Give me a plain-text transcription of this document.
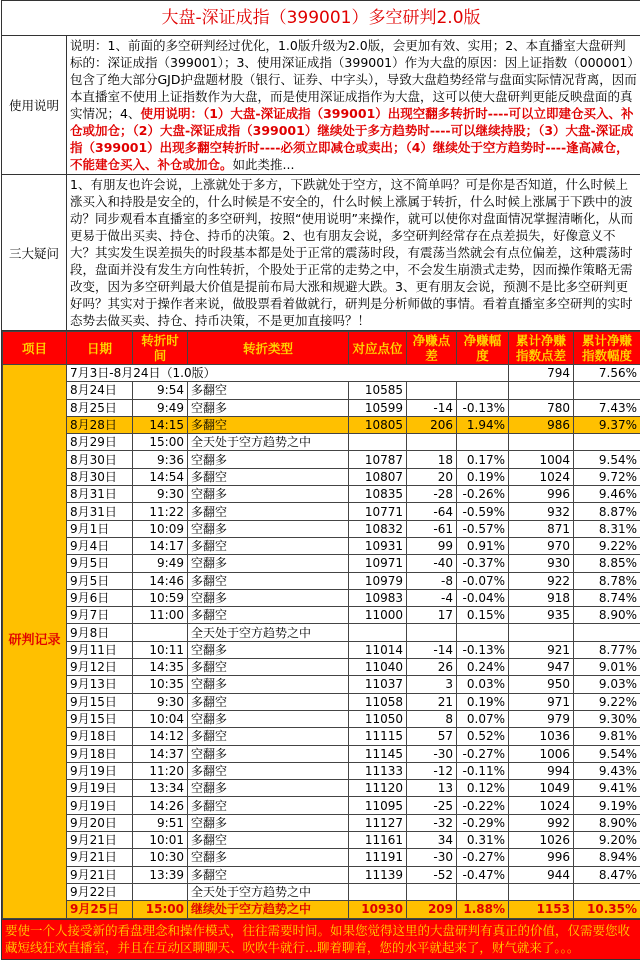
大盘-深证成指（399001）多空研判2.0版
使用说明
说明：1、前面的多空研判经过优化，1.0版升级为2.0版，会更加有效、实用；2、本直播室大盘研判标的：深证成指（399001）；3、使用深证成指（399001）作为大盘的原因：因上证指数（000001）包含了绝大部分GJD护盘题材股（银行、证券、中字头），导致大盘趋势经常与盘面实际情况背离，因而本直播室不使用上证指数作为大盘，而是使用深证成指作为大盘，这可以使大盘研判更能反映盘面的真实情况；4、使用说明：（1）大盘-深证成指（399001）出现空翻多转折时----可以立即建仓买入、补仓或加仓；（2）大盘-深证成指（399001）继续处于多方趋势时----可以继续持股；（3）大盘-深证成指（399001）出现多翻空转折时----必须立即减仓或卖出；（4）继续处于空方趋势时----逢高减仓，不能建仓买入、补仓或加仓。如此类推...
三大疑问
1、有朋友也许会说，上涨就处于多方，下跌就处于空方，这不简单吗？可是你是否知道，什么时候上涨买入和持股是安全的，什么时候是不安全的，什么时候上涨属于转折，什么时候上涨属于下跌中的波动？同步观看本直播室的多空研判，按照“使用说明”来操作，就可以使你对盘面情况掌握清晰化，从而更易于做出买卖、持仓、持币的决策。2、也有朋友会说，多空研判经常存在点差损失，好像意义不大？其实发生误差损失的时段基本都是处于正常的震荡时段，有震荡当然就会有点位偏差，这种震荡时段，盘面并没有发生方向性转折，个股处于正常的走势之中，不会发生崩溃式走势，因而操作策略无需改变，因为多空研判最大价值是提前布局大涨和规避大跌。3、更有朋友会说，预测不是比多空研判更好吗？其实对于操作者来说，做股票看着做就行，研判是分析师做的事情。看着直播室多空研判的实时态势去做买卖、持仓、持币决策，不是更加直接吗？！
项目	日期	转折时间	转折类型	对应点位	净赚点差	净赚幅度	累计净赚指数点差	累计净赚指数幅度
研判记录	7月3日-8月24日（1.0版）						794	7.56%
	8月24日	9:54	多翻空	10585				
	8月25日	9:49	空翻多	10599	-14	-0.13%	780	7.43%
	8月28日	14:15	多翻空	10805	206	1.94%	986	9.37%
	8月29日	15:00	全天处于空方趋势之中					
	8月30日	9:36	空翻多	10787	18	0.17%	1004	9.54%
	8月30日	14:54	多翻空	10807	20	0.19%	1024	9.72%
	8月31日	9:30	空翻多	10835	-28	-0.26%	996	9.46%
	8月31日	11:22	多翻空	10771	-64	-0.59%	932	8.87%
	9月1日	10:09	空翻多	10832	-61	-0.57%	871	8.31%
	9月4日	14:17	多翻空	10931	99	0.91%	970	9.22%
	9月5日	9:49	空翻多	10971	-40	-0.37%	930	8.85%
	9月5日	14:46	多翻空	10979	-8	-0.07%	922	8.78%
	9月6日	10:59	空翻多	10983	-4	-0.04%	918	8.74%
	9月7日	11:00	多翻空	11000	17	0.15%	935	8.90%
	9月8日		全天处于空方趋势之中					
	9月11日	10:11	空翻多	11014	-14	-0.13%	921	8.77%
	9月12日	14:35	多翻空	11040	26	0.24%	947	9.01%
	9月13日	10:35	空翻多	11037	3	0.03%	950	9.03%
	9月15日	9:30	多翻空	11058	21	0.19%	971	9.22%
	9月15日	10:04	空翻多	11050	8	0.07%	979	9.30%
	9月18日	14:12	多翻空	11115	57	0.52%	1036	9.81%
	9月18日	14:37	空翻多	11145	-30	-0.27%	1006	9.54%
	9月19日	11:20	多翻空	11133	-12	-0.11%	994	9.43%
	9月19日	13:34	空翻多	11120	13	0.12%	1049	9.41%
	9月19日	14:26	多翻空	11095	-25	-0.22%	1024	9.19%
	9月20日	9:51	空翻多	11127	-32	-0.29%	992	8.90%
	9月21日	10:01	多翻空	11161	34	0.31%	1026	9.20%
	9月21日	10:30	空翻多	11191	-30	-0.27%	996	8.94%
	9月21日	13:39	多翻空	11139	-52	-0.47%	944	8.47%
	9月22日		全天处于空方趋势之中					
	9月25日	15:00	继续处于空方趋势之中	10930	209	1.88%	1153	10.35%
要使一个人接受新的看盘理念和操作模式，往往需要时间。如果您觉得这里的大盘研判有真正的价值，仅需要您收藏短线狂欢直播室，并且在互动区聊聊天、吹吹牛就行...聊着聊着，您的水平就起来了，财气就来了。。。
